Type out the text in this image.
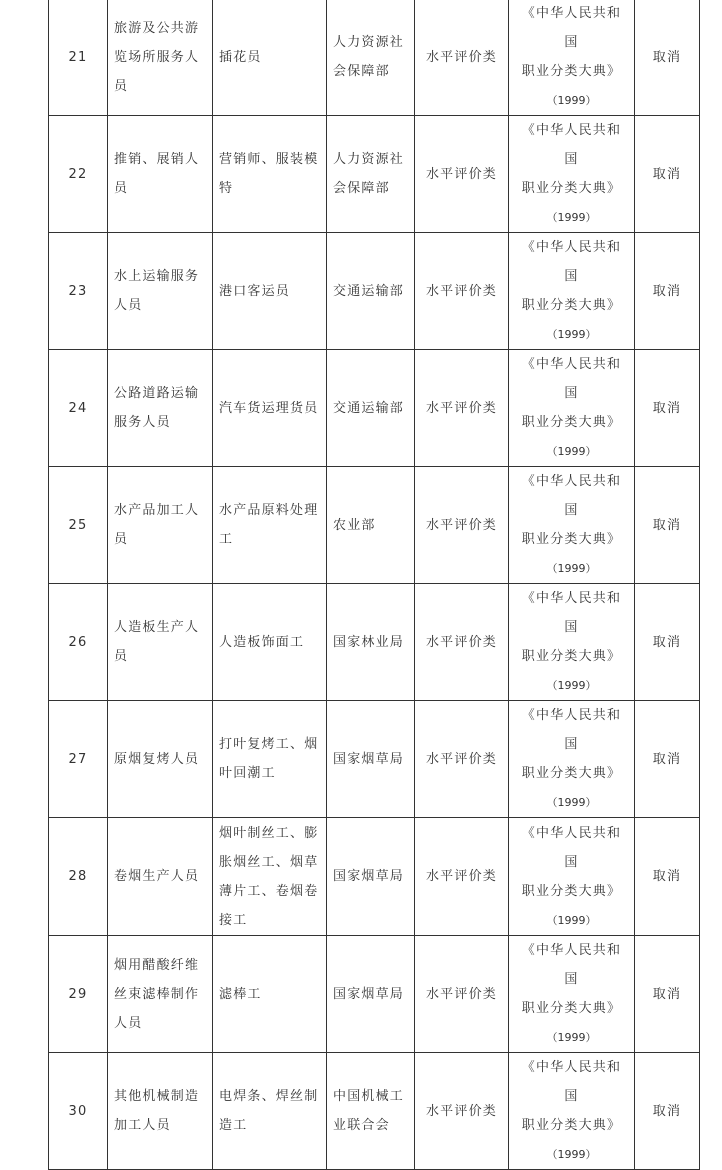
21	旅游及公共游览场所服务人员	插花员	人力资源社会保障部	水平评价类	《中华人民共和国
职业分类大典》
（1999）	取消
22	推销、展销人员	营销师、服装模特	人力资源社会保障部	水平评价类	《中华人民共和国
职业分类大典》
（1999）	取消
23	水上运输服务人员	港口客运员	交通运输部	水平评价类	《中华人民共和国
职业分类大典》
（1999）	取消
24	公路道路运输服务人员	汽车货运理货员	交通运输部	水平评价类	《中华人民共和国
职业分类大典》
（1999）	取消
25	水产品加工人员	水产品原料处理工	农业部	水平评价类	《中华人民共和国
职业分类大典》
（1999）	取消
26	人造板生产人员	人造板饰面工	国家林业局	水平评价类	《中华人民共和国
职业分类大典》
（1999）	取消
27	原烟复烤人员	打叶复烤工、烟叶回潮工	国家烟草局	水平评价类	《中华人民共和国
职业分类大典》
（1999）	取消
28	卷烟生产人员	烟叶制丝工、膨胀烟丝工、烟草薄片工、卷烟卷接工	国家烟草局	水平评价类	《中华人民共和国
职业分类大典》
（1999）	取消
29	烟用醋酸纤维丝束滤棒制作人员	滤棒工	国家烟草局	水平评价类	《中华人民共和国
职业分类大典》
（1999）	取消
30	其他机械制造加工人员	电焊条、焊丝制造工	中国机械工业联合会	水平评价类	《中华人民共和国
职业分类大典》
（1999）	取消
